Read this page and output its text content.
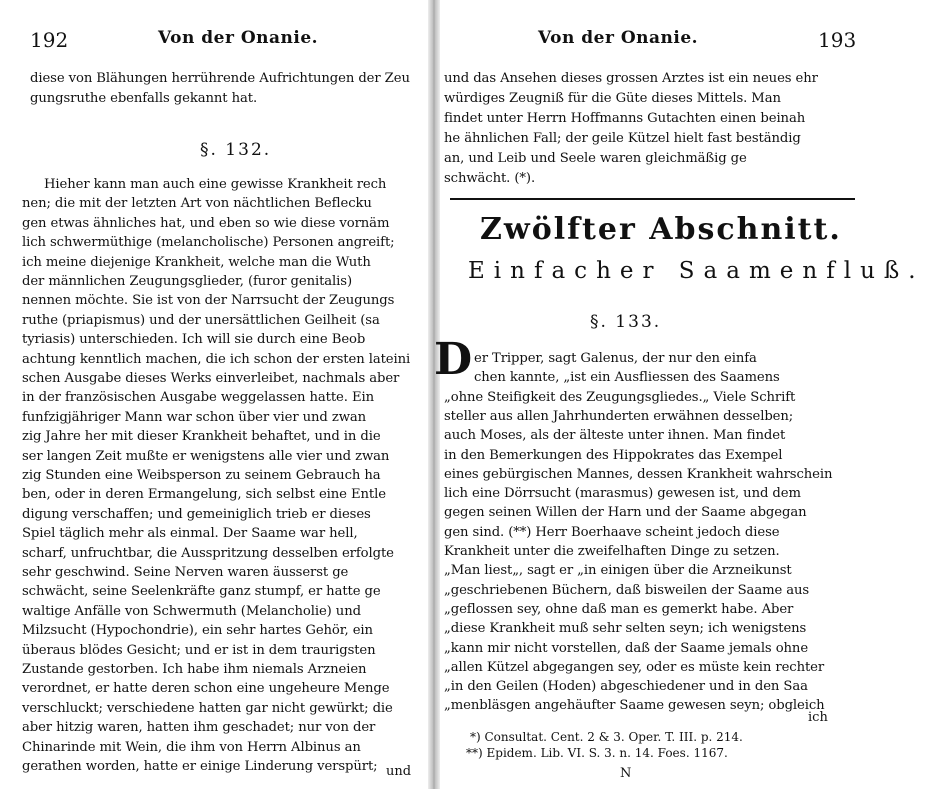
192	Von der Onanie.
diese von Blähungen herrührende Aufrichtungen der Zeu
gungsruthe ebenfalls gekannt hat.
§. 132.
Hieher kann man auch eine gewisse Krankheit rech
nen; die mit der letzten Art von nächtlichen Beflecku
gen etwas ähnliches hat, und eben so wie diese vornäm
lich schwermüthige (melancholische) Personen angreift;
ich meine diejenige Krankheit, welche man die Wuth
der männlichen Zeugungsglieder, (furor genitalis)
nennen möchte. Sie ist von der Narrsucht der Zeugungs
ruthe (priapismus) und der unersättlichen Geilheit (sa
tyriasis) unterschieden. Ich will sie durch eine Beob
achtung kenntlich machen, die ich schon der ersten lateini
schen Ausgabe dieses Werks einverleibet, nachmals aber
in der französischen Ausgabe weggelassen hatte. Ein
funfzigjähriger Mann war schon über vier und zwan
zig Jahre her mit dieser Krankheit behaftet, und in die
ser langen Zeit mußte er wenigstens alle vier und zwan
zig Stunden eine Weibsperson zu seinem Gebrauch ha
ben, oder in deren Ermangelung, sich selbst eine Entle
digung verschaffen; und gemeiniglich trieb er dieses
Spiel täglich mehr als einmal. Der Saame war hell,
scharf, unfruchtbar, die Ausspritzung desselben erfolgte
sehr geschwind. Seine Nerven waren äusserst ge
schwächt, seine Seelenkräfte ganz stumpf, er hatte ge
waltige Anfälle von Schwermuth (Melancholie) und
Milzsucht (Hypochondrie), ein sehr hartes Gehör, ein
überaus blödes Gesicht; und er ist in dem traurigsten
Zustande gestorben. Ich habe ihm niemals Arzneien
verordnet, er hatte deren schon eine ungeheure Menge
verschluckt; verschiedene hatten gar nicht gewürkt; die
aber hitzig waren, hatten ihm geschadet; nur von der
Chinarinde mit Wein, die ihm von Herrn Albinus an
gerathen worden, hatte er einige Linderung verspürt; und
Von der Onanie.	193
und das Ansehen dieses grossen Arztes ist ein neues ehr
würdiges Zeugniß für die Güte dieses Mittels. Man
findet unter Herrn Hoffmanns Gutachten einen beinah
he ähnlichen Fall; der geile Kützel hielt fast beständig
an, und Leib und Seele waren gleichmäßig ge
schwächt. (*).
Zwölfter Abschnitt.
Einfacher Saamenfluß.
§. 133.
D er Tripper, sagt Galenus, der nur den einfa
chen kannte, „ist ein Ausfliessen des Saamens
„ohne Steifigkeit des Zeugungsgliedes.„ Viele Schrift
steller aus allen Jahrhunderten erwähnen desselben;
auch Moses, als der älteste unter ihnen. Man findet
in den Bemerkungen des Hippokrates das Exempel
eines gebürgischen Mannes, dessen Krankheit wahrschein
lich eine Dörrsucht (marasmus) gewesen ist, und dem
gegen seinen Willen der Harn und der Saame abgegan
gen sind. (**) Herr Boerhaave scheint jedoch diese
Krankheit unter die zweifelhaften Dinge zu setzen.
„Man liest„, sagt er „in einigen über die Arzneikunst
„geschriebenen Büchern, daß bisweilen der Saame aus
„geflossen sey, ohne daß man es gemerkt habe. Aber
„diese Krankheit muß sehr selten seyn; ich wenigstens
„kann mir nicht vorstellen, daß der Saame jemals ohne
„allen Kützel abgegangen sey, oder es müste kein rechter
„in den Geilen (Hoden) abgeschiedener und in den Saa
„menbläsgen angehäufter Saame gewesen seyn; obgleich
ich
*) Consultat. Cent. 2 & 3. Oper. T. III. p. 214.
**) Epidem. Lib. VI. S. 3. n. 14. Foes. 1167.
N
